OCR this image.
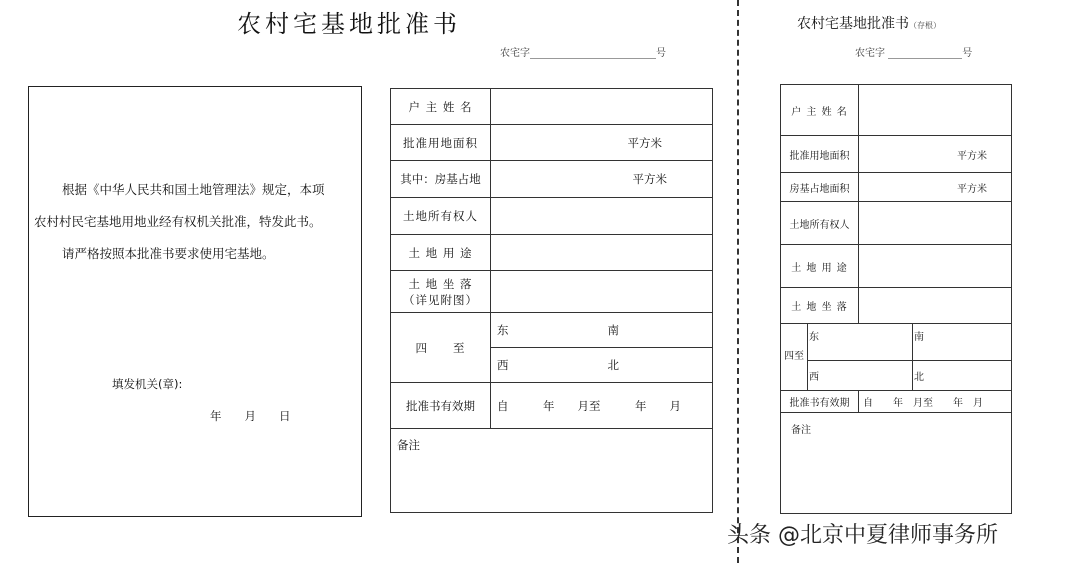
农村宅基地批准书
农宅字	号

根据《中华人民共和国土地管理法》规定，本项

农村村民宅基地用地业经有权机关批准，特发此书。

请严格按照本批准书要求使用宅基地。

填发机关(章):
年　　月　　日
户 主 姓 名		
批准用地面积	平方米	
其中：房基占地	平方米	
土地所有权人		
土 地 用 途		

土 地 坐 落
（详见附图）		

四　　至	东	南
	西	北
批准书有效期	自　　　年　　月至　　　年　　月	
备注		
农村宅基地批准书（存根）
农宅字	号
户 主 姓 名			
批准用地面积		平方米	
房基占地面积		平方米	
土地所有权人			
土 地 用 途			
土 地 坐 落			
四至	东		南
	西		北
批准书有效期		自　　年　月至　　年　月	
备注			
头条 @北京中夏律师事务所
